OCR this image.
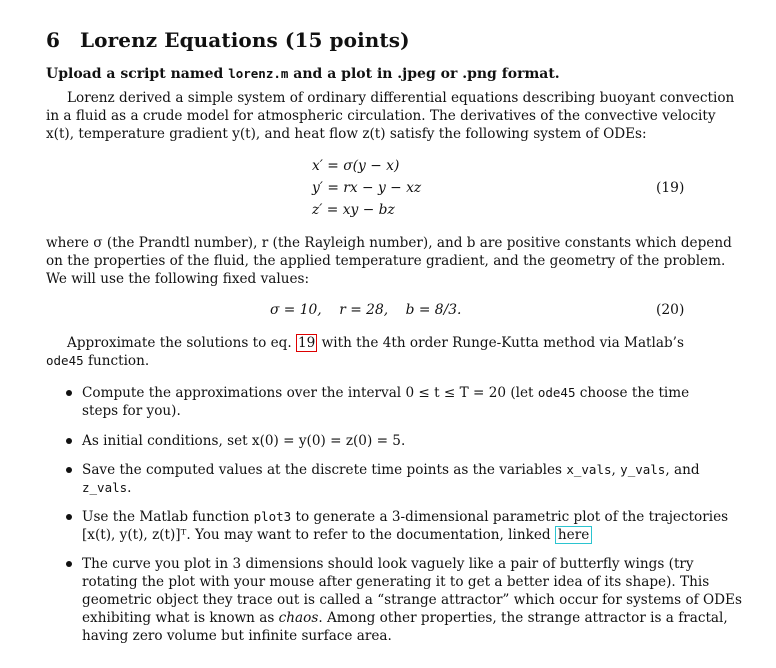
6 Lorenz Equations (15 points)
Upload a script named lorenz.m and a plot in .jpeg or .png format.
Lorenz derived a simple system of ordinary differential equations describing buoyant convection
in a fluid as a crude model for atmospheric circulation. The derivatives of the convective velocity
x(t), temperature gradient y(t), and heat flow z(t) satisfy the following system of ODEs:
x′ = σ(y − x)
y′ = rx − y − xz
z′ = xy − bz
(19)
where σ (the Prandtl number), r (the Rayleigh number), and b are positive constants which depend
on the properties of the fluid, the applied temperature gradient, and the geometry of the problem.
We will use the following fixed values:
σ = 10,    r = 28,    b = 8/3.	(20)
Approximate the solutions to eq. 19 with the 4th order Runge-Kutta method via Matlab’s
ode45 function.
Compute the approximations over the interval 0 ≤ t ≤ T = 20 (let ode45 choose the time
steps for you).
As initial conditions, set x(0) = y(0) = z(0) = 5.
Save the computed values at the discrete time points as the variables x_vals, y_vals, and
z_vals.
Use the Matlab function plot3 to generate a 3-dimensional parametric plot of the trajectories
[x(t), y(t), z(t)]ᵀ. You may want to refer to the documentation, linked here
The curve you plot in 3 dimensions should look vaguely like a pair of butterfly wings (try
rotating the plot with your mouse after generating it to get a better idea of its shape). This
geometric object they trace out is called a “strange attractor” which occur for systems of ODEs
exhibiting what is known as chaos. Among other properties, the strange attractor is a fractal,
having zero volume but infinite surface area.
